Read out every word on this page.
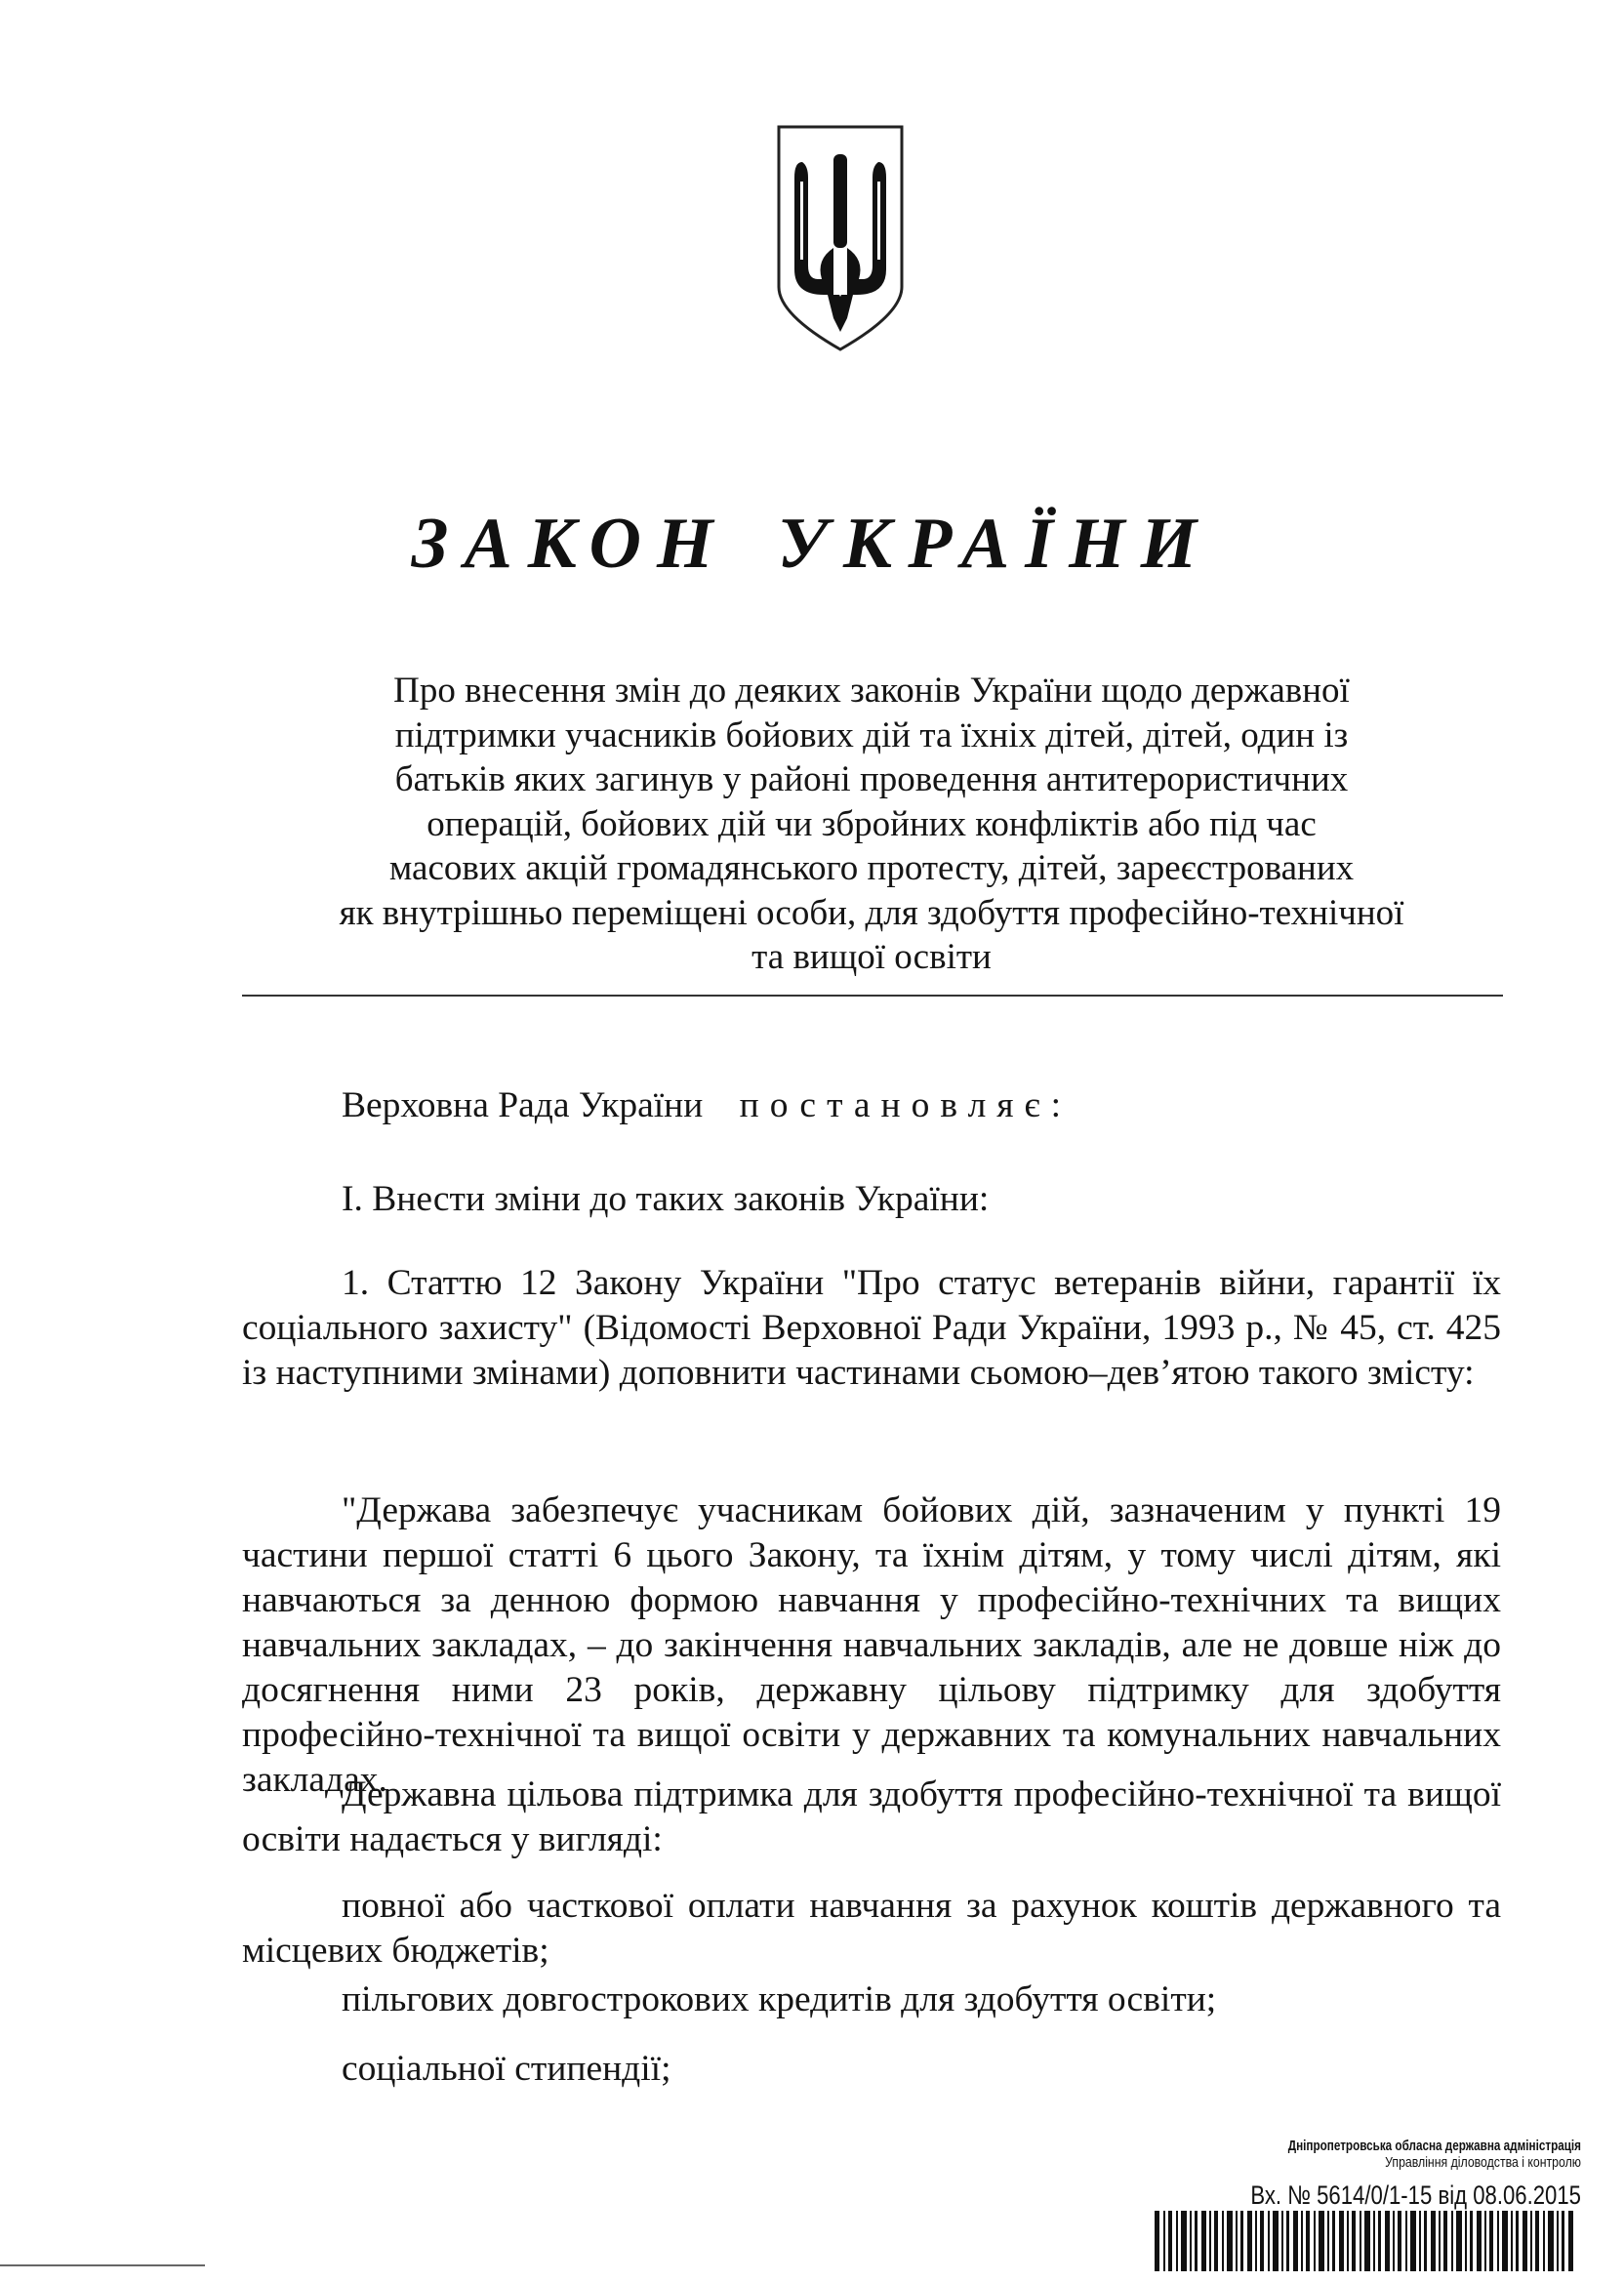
ЗАКОН УКРАЇНИ
Про внесення змін до деяких законів України щодо державної
підтримки учасників бойових дій та їхніх дітей, дітей, один із
батьків яких загинув у районі проведення антитерористичних
операцій, бойових дій чи збройних конфліктів або під час
масових акцій громадянського протесту, дітей, зареєстрованих
як внутрішньо переміщені особи, для здобуття професійно-технічної
та вищої освіти
Верховна Рада України постановляє:
І. Внести зміни до таких законів України:
1. Статтю 12 Закону України "Про статус ветеранів війни, гарантії їх соціального захисту" (Відомості Верховної Ради України, 1993 р., № 45, ст. 425 із наступними змінами) доповнити частинами сьомою–дев’ятою такого змісту:
"Держава забезпечує учасникам бойових дій, зазначеним у пункті 19 частини першої статті 6 цього Закону, та їхнім дітям, у тому числі дітям, які навчаються за денною формою навчання у професійно-технічних та вищих навчальних закладах, – до закінчення навчальних закладів, але не довше ніж до досягнення ними 23 років, державну цільову підтримку для здобуття професійно-технічної та вищої освіти у державних та комунальних навчальних закладах.
Державна цільова підтримка для здобуття професійно-технічної та вищої освіти надається у вигляді:
повної або часткової оплати навчання за рахунок коштів державного та місцевих бюджетів;
пільгових довгострокових кредитів для здобуття освіти;
соціальної стипендії;
Дніпропетровська обласна державна адміністрація
Управління діловодства і контролю
Вх. № 5614/0/1-15 від 08.06.2015
